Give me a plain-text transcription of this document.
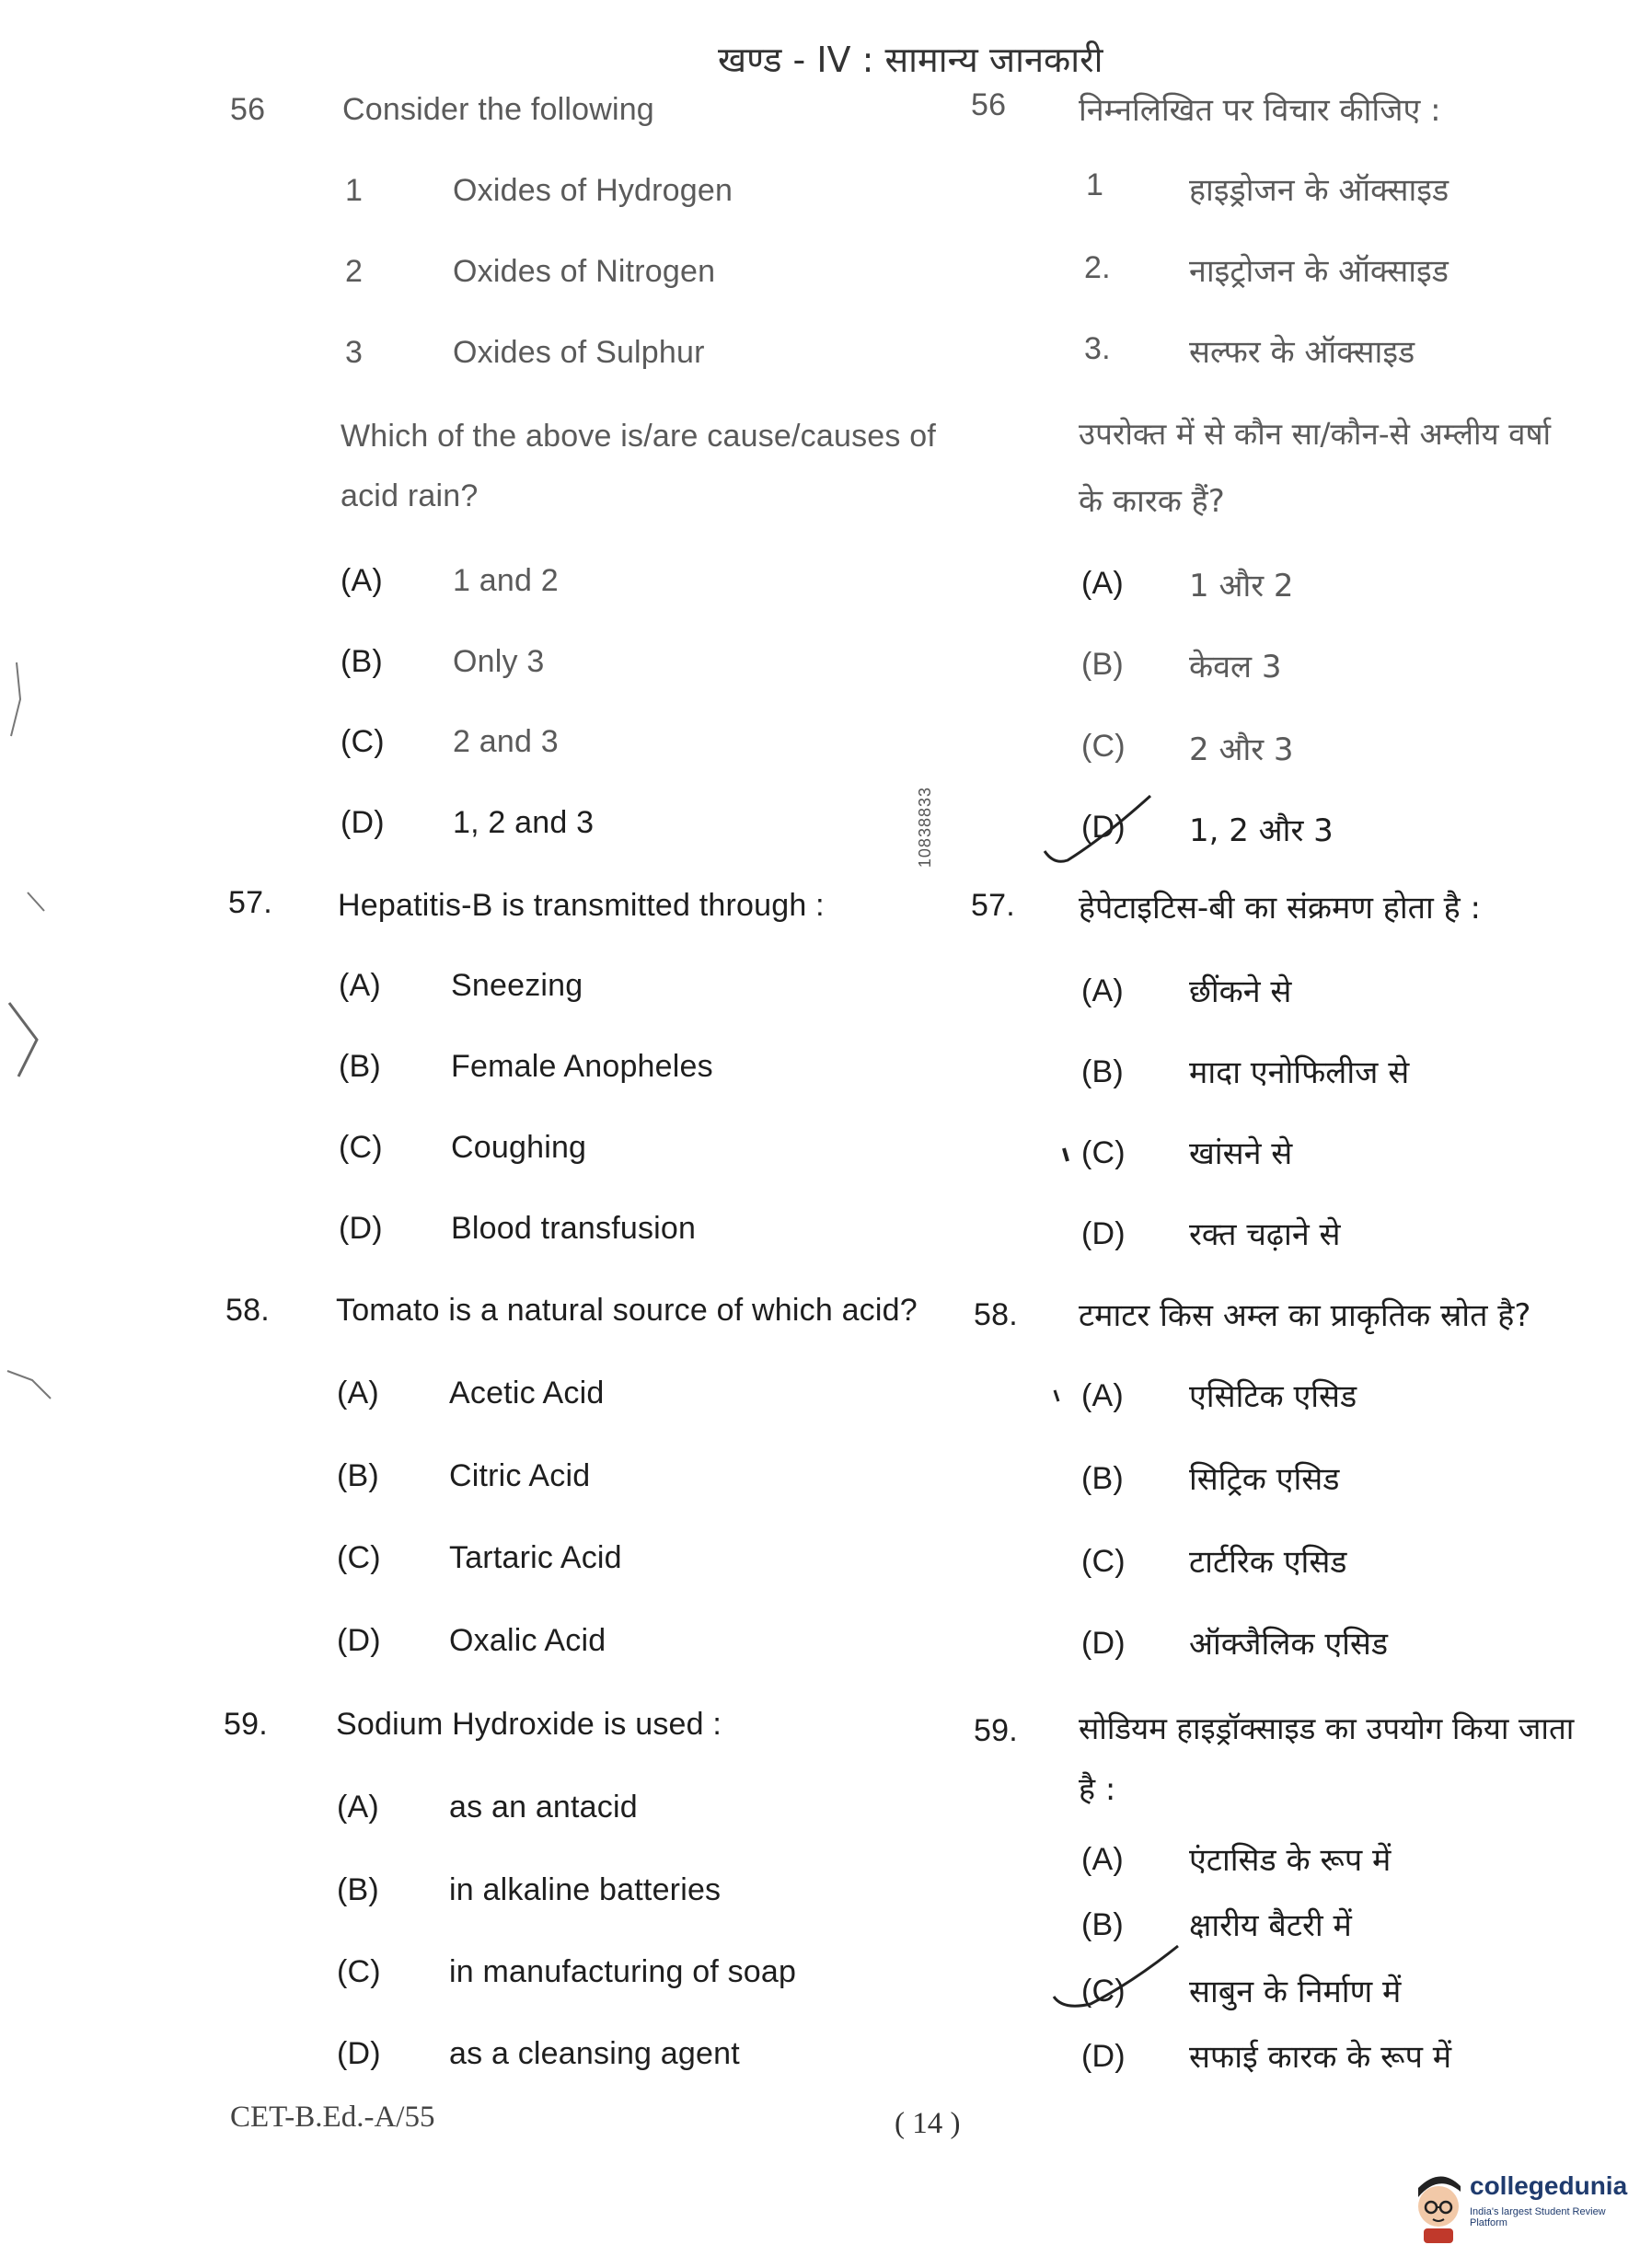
खण्ड - IV : सामान्य जानकारी
56 Consider the following
1	Oxides of Hydrogen
2	Oxides of Nitrogen
3	Oxides of Sulphur
Which of the above is/are cause/causes of
acid rain?
(A) 1 and 2
(B) Only 3
(C) 2 and 3
(D) 1, 2 and 3
57. Hepatitis-B is transmitted through :
(A) Sneezing
(B) Female Anopheles
(C) Coughing
(D) Blood transfusion
58. Tomato is a natural source of which acid?
(A) Acetic Acid
(B) Citric Acid
(C) Tartaric Acid
(D) Oxalic Acid
59. Sodium Hydroxide is used :
(A) as an antacid
(B) in alkaline batteries
(C) in manufacturing of soap
(D) as a cleansing agent
10838833
56 निम्नलिखित पर विचार कीजिए :
1	हाइड्रोजन के ऑक्साइड
2.	नाइट्रोजन के ऑक्साइड
3.	सल्फर के ऑक्साइड
उपरोक्त में से कौन सा/कौन-से अम्लीय वर्षा
के कारक हैं?
(A) 1 और 2
(B) केवल 3
(C) 2 और 3
(D) 1, 2 और 3
57. हेपेटाइटिस-बी का संक्रमण होता है :
(A) छींकने से
(B) मादा एनोफिलीज से
(C) खांसने से
(D) रक्त चढ़ाने से
58. टमाटर किस अम्ल का प्राकृतिक स्रोत है?
(A) एसिटिक एसिड
(B) सिट्रिक एसिड
(C) टार्टरिक एसिड
(D) ऑक्जैलिक एसिड
59. सोडियम हाइड्रॉक्साइड का उपयोग किया जाता
है :
(A) एंटासिड के रूप में
(B) क्षारीय बैटरी में
(C) साबुन के निर्माण में
(D) सफाई कारक के रूप में
CET-B.Ed.-A/55	( 14 )
collegedunia
India's largest Student Review Platform
